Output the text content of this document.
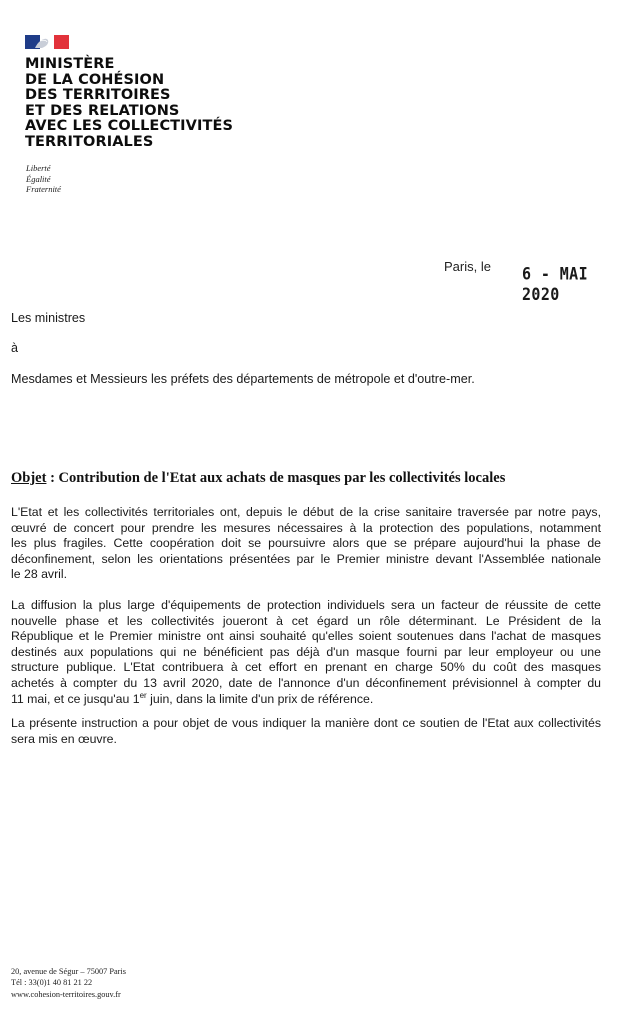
MINISTÈRE
DE LA COHÉSION
DES TERRITOIRES
ET DES RELATIONS
AVEC LES COLLECTIVITÉS
TERRITORIALES
Liberté
Égalité
Fraternité
Paris, le 6 - MAI 2020
Les ministres
à
Mesdames et Messieurs les préfets des départements de métropole et d'outre-mer.
Objet : Contribution de l'Etat aux achats de masques par les collectivités locales
L'Etat et les collectivités territoriales ont, depuis le début de la crise sanitaire traversée par notre pays,
œuvré de concert pour prendre les mesures nécessaires à la protection des populations, notamment
les plus fragiles. Cette coopération doit se poursuivre alors que se prépare aujourd'hui la phase de
déconfinement, selon les orientations présentées par le Premier ministre devant l'Assemblée nationale
le 28 avril.
La diffusion la plus large d'équipements de protection individuels sera un facteur de réussite de cette
nouvelle phase et les collectivités joueront à cet égard un rôle déterminant. Le Président de la
République et le Premier ministre ont ainsi souhaité qu'elles soient soutenues dans l'achat de masques
destinés aux populations qui ne bénéficient pas déjà d'un masque fourni par leur employeur ou une
structure publique. L'Etat contribuera à cet effort en prenant en charge 50% du coût des masques
achetés à compter du 13 avril 2020, date de l'annonce d'un déconfinement prévisionnel à compter du
11 mai, et ce jusqu'au 1er juin, dans la limite d'un prix de référence.
La présente instruction a pour objet de vous indiquer la manière dont ce soutien de l'Etat aux collectivités
sera mis en œuvre.
20, avenue de Ségur – 75007 Paris
Tél : 33(0)1 40 81 21 22
www.cohesion-territoires.gouv.fr
